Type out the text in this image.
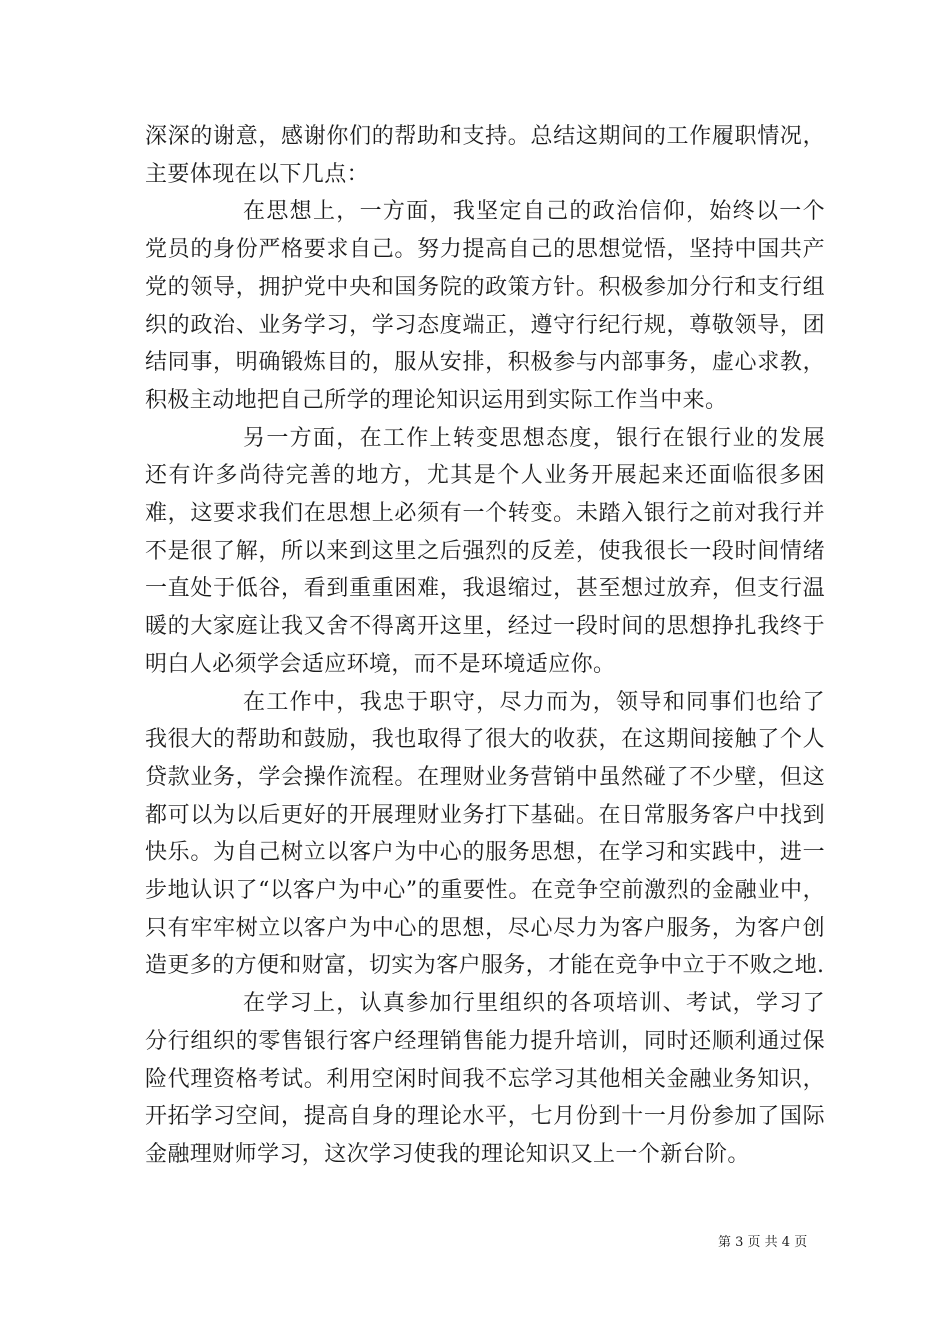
深深的谢意，感谢你们的帮助和支持。总结这期间的工作履职情况，主要体现在以下几点：

在思想上，一方面，我坚定自己的政治信仰，始终以一个党员的身份严格要求自己。努力提高自己的思想觉悟，坚持中国共产党的领导，拥护党中央和国务院的政策方针。积极参加分行和支行组织的政治、业务学习，学习态度端正，遵守行纪行规，尊敬领导，团结同事，明确锻炼目的，服从安排，积极参与内部事务，虚心求教，积极主动地把自己所学的理论知识运用到实际工作当中来。

另一方面，在工作上转变思想态度，银行在银行业的发展还有许多尚待完善的地方，尤其是个人业务开展起来还面临很多困难，这要求我们在思想上必须有一个转变。未踏入银行之前对我行并不是很了解，所以来到这里之后强烈的反差，使我很长一段时间情绪一直处于低谷，看到重重困难，我退缩过，甚至想过放弃，但支行温暖的大家庭让我又舍不得离开这里，经过一段时间的思想挣扎我终于明白人必须学会适应环境，而不是环境适应你。

在工作中，我忠于职守，尽力而为，领导和同事们也给了我很大的帮助和鼓励，我也取得了很大的收获，在这期间接触了个人贷款业务，学会操作流程。在理财业务营销中虽然碰了不少壁，但这都可以为以后更好的开展理财业务打下基础。在日常服务客户中找到快乐。为自己树立以客户为中心的服务思想，在学习和实践中，进一步地认识了“以客户为中心”的重要性。在竞争空前激烈的金融业中，只有牢牢树立以客户为中心的思想，尽心尽力为客户服务，为客户创造更多的方便和财富，切实为客户服务，才能在竞争中立于不败之地.

在学习上，认真参加行里组织的各项培训、考试，学习了分行组织的零售银行客户经理销售能力提升培训，同时还顺利通过保险代理资格考试。利用空闲时间我不忘学习其他相关金融业务知识，开拓学习空间，提高自身的理论水平，七月份到十一月份参加了国际金融理财师学习，这次学习使我的理论知识又上一个新台阶。

第 3 页 共 4 页
